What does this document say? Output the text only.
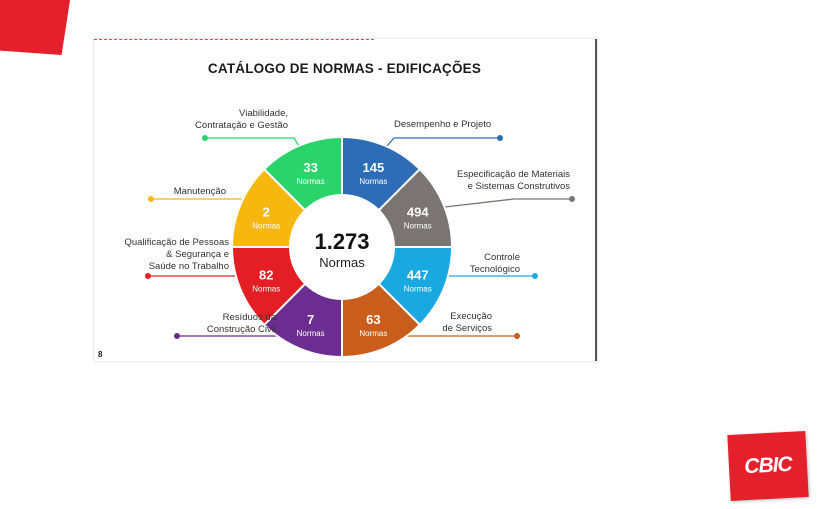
CATÁLOGO DE NORMAS - EDIFICAÇÕES
145
Normas
494
Normas
447
Normas
63
Normas
7
Normas
82
Normas
2
Normas
33
Normas
1.273
Normas
Viabilidade,
Contratação e Gestão	Desempenho e Projeto
Especificação de Materiais
e Sistemas Construtivos
Manutenção
Qualificação de Pessoas
& Segurança e
Saúde no Trabalho
Controle
Tecnológico
Resíduos da
Construção Civil
Execução
de Serviços
8
CBIC
